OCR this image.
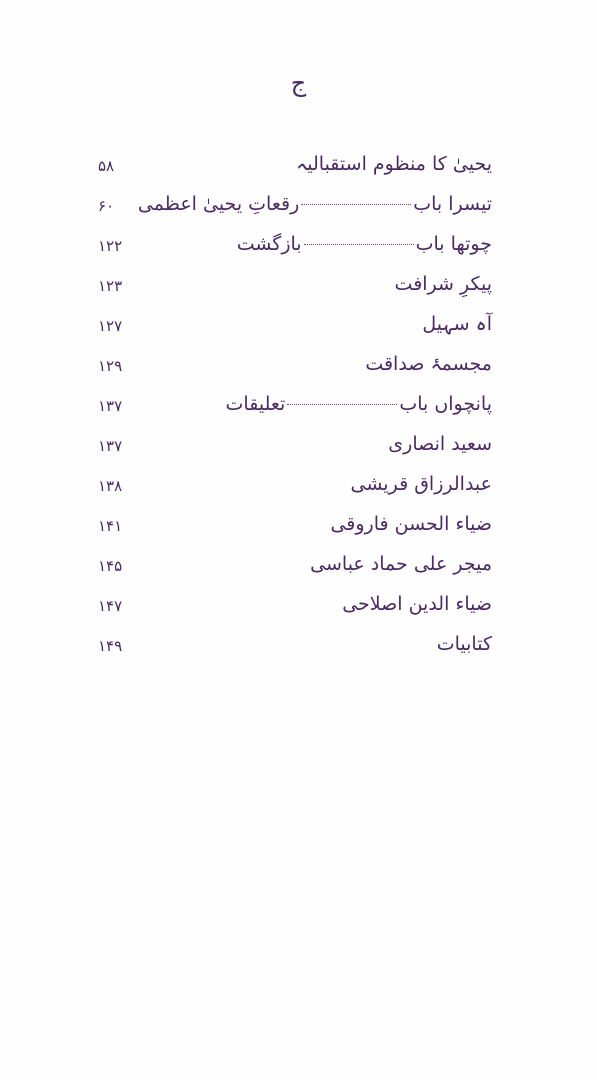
ج
یحییٰ کا منظوم استقبالیہ
۵۸
تیسرا باب
رقعاتِ یحییٰ اعظمی
۶۰
چوتھا باب
بازگشت
۱۲۲
پیکرِ شرافت
۱۲۳
آہ سہیل
۱۲۷
مجسمۂ صداقت
۱۲۹
پانچواں باب
تعلیقات
۱۳۷
سعید انصاری
۱۳۷
عبدالرزاق قریشی
۱۳۸
ضیاء الحسن فاروقی
۱۴۱
میجر علی حماد عباسی
۱۴۵
ضیاء الدین اصلاحی
۱۴۷
کتابیات
۱۴۹
